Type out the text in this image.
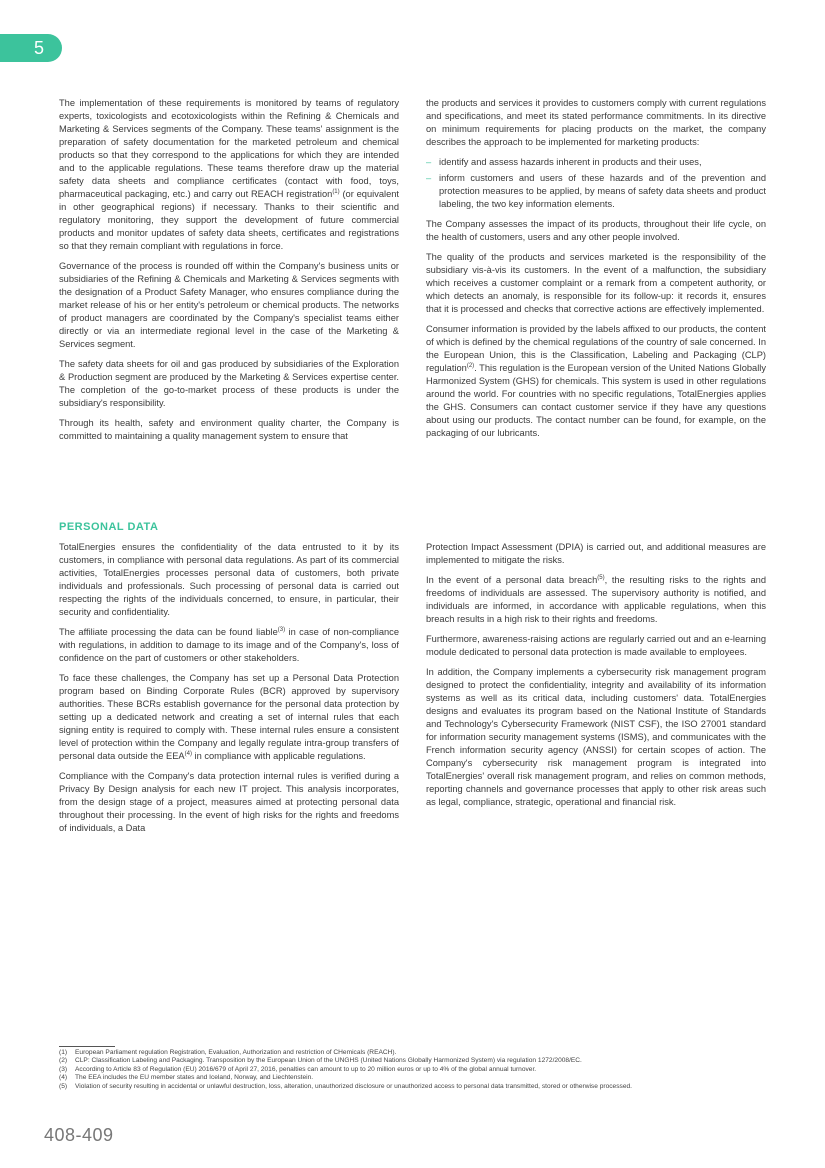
5

The implementation of these requirements is monitored by teams of regulatory experts, toxicologists and ecotoxicologists within the Refining & Chemicals and Marketing & Services segments of the Company. These teams' assignment is the preparation of safety documentation for the marketed petroleum and chemical products so that they correspond to the applications for which they are intended and to the applicable regulations. These teams therefore draw up the material safety data sheets and compliance certificates (contact with food, toys, pharmaceutical packaging, etc.) and carry out REACH registration$^{(1)}$ (or equivalent in other geographical regions) if necessary. Thanks to their scientific and regulatory monitoring, they support the development of future commercial products and monitor updates of safety data sheets, certificates and registrations so that they remain compliant with regulations in force.

Governance of the process is rounded off within the Company's business units or subsidiaries of the Refining & Chemicals and Marketing & Services segments with the designation of a Product Safety Manager, who ensures compliance during the market release of his or her entity's petroleum or chemical products. The networks of product managers are coordinated by the Company's specialist teams either directly or via an intermediate regional level in the case of the Marketing & Services segment.

The safety data sheets for oil and gas produced by subsidiaries of the Exploration & Production segment are produced by the Marketing & Services expertise center. The completion of the go-to-market process of these products is under the subsidiary's responsibility.

Through its health, safety and environment quality charter, the Company is committed to maintaining a quality management system to ensure that

the products and services it provides to customers comply with current regulations and specifications, and meet its stated performance commitments. In its directive on minimum requirements for placing products on the market, the company describes the approach to be implemented for marketing products:

– identify and assess hazards inherent in products and their uses,
– inform customers and users of these hazards and of the prevention and protection measures to be applied, by means of safety data sheets and product labeling, the two key information elements.

The Company assesses the impact of its products, throughout their life cycle, on the health of customers, users and any other people involved.

The quality of the products and services marketed is the responsibility of the subsidiary vis-à-vis its customers. In the event of a malfunction, the subsidiary which receives a customer complaint or a remark from a competent authority, or which detects an anomaly, is responsible for its follow-up: it records it, ensures that it is processed and checks that corrective actions are effectively implemented.

Consumer information is provided by the labels affixed to our products, the content of which is defined by the chemical regulations of the country of sale concerned. In the European Union, this is the Classification, Labeling and Packaging (CLP) regulation$^{(2)}$. This regulation is the European version of the United Nations Globally Harmonized System (GHS) for chemicals. This system is used in other regulations around the world. For countries with no specific regulations, TotalEnergies applies the GHS. Consumers can contact customer service if they have any questions about using our products. The contact number can be found, for example, on the packaging of our lubricants.

PERSONAL DATA

TotalEnergies ensures the confidentiality of the data entrusted to it by its customers, in compliance with personal data regulations. As part of its commercial activities, TotalEnergies processes personal data of customers, both private individuals and professionals. Such processing of personal data is carried out respecting the rights of the individuals concerned, to ensure, in particular, their security and confidentiality.

The affiliate processing the data can be found liable$^{(3)}$ in case of non-compliance with regulations, in addition to damage to its image and of the Company's, loss of confidence on the part of customers or other stakeholders.

To face these challenges, the Company has set up a Personal Data Protection program based on Binding Corporate Rules (BCR) approved by supervisory authorities. These BCRs establish governance for the personal data protection by setting up a dedicated network and creating a set of internal rules that each signing entity is required to comply with. These internal rules ensure a consistent level of protection within the Company and legally regulate intra-group transfers of personal data outside the EEA$^{(4)}$ in compliance with applicable regulations.

Compliance with the Company's data protection internal rules is verified during a Privacy By Design analysis for each new IT project. This analysis incorporates, from the design stage of a project, measures aimed at protecting personal data throughout their processing. In the event of high risks for the rights and freedoms of individuals, a Data

Protection Impact Assessment (DPIA) is carried out, and additional measures are implemented to mitigate the risks.

In the event of a personal data breach$^{(5)}$, the resulting risks to the rights and freedoms of individuals are assessed. The supervisory authority is notified, and individuals are informed, in accordance with applicable regulations, when this breach results in a high risk to their rights and freedoms.

Furthermore, awareness-raising actions are regularly carried out and an e-learning module dedicated to personal data protection is made available to employees.

In addition, the Company implements a cybersecurity risk management program designed to protect the confidentiality, integrity and availability of its information systems as well as its critical data, including customers' data. TotalEnergies designs and evaluates its program based on the National Institute of Standards and Technology's Cybersecurity Framework (NIST CSF), the ISO 27001 standard for information security management systems (ISMS), and communicates with the French information security agency (ANSSI) for certain scopes of action. The Company's cybersecurity risk management program is integrated into TotalEnergies' overall risk management program, and relies on common methods, reporting channels and governance processes that apply to other risk areas such as legal, compliance, strategic, operational and financial risk.

(1) European Parliament regulation Registration, Evaluation, Authorization and restriction of CHemicals (REACH).
(2) CLP: Classification Labeling and Packaging. Transposition by the European Union of the UNGHS (United Nations Globally Harmonized System) via regulation 1272/2008/EC.
(3) According to Article 83 of Regulation (EU) 2016/679 of April 27, 2016, penalties can amount to up to 20 million euros or up to 4% of the global annual turnover.
(4) The EEA includes the EU member states and Iceland, Norway, and Liechtenstein.
(5) Violation of security resulting in accidental or unlawful destruction, loss, alteration, unauthorized disclosure or unauthorized access to personal data transmitted, stored or otherwise processed.
408-409
